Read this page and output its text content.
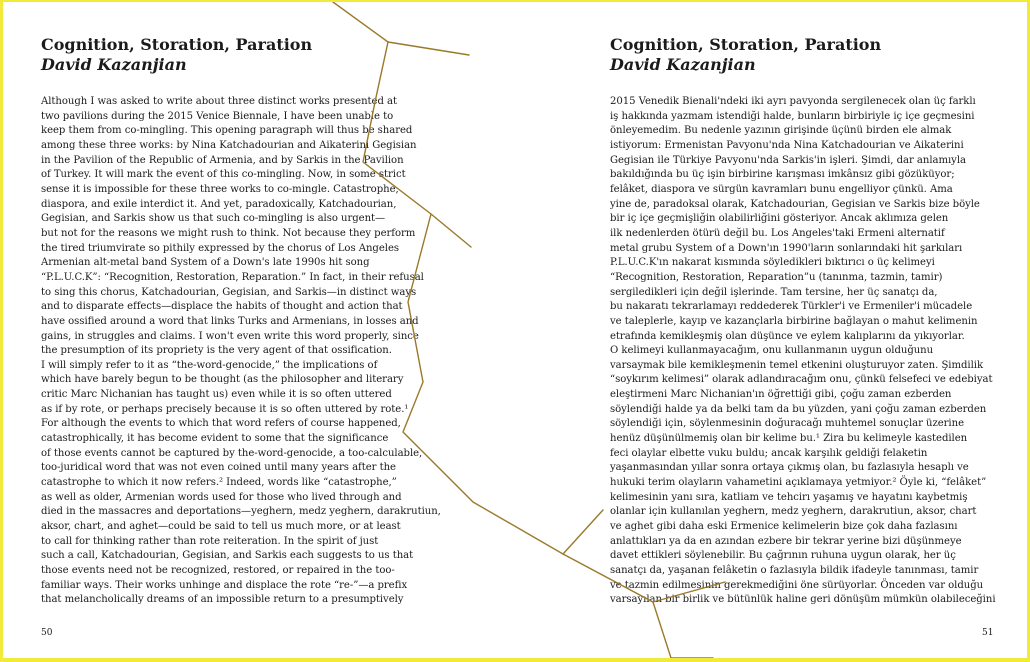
Cognition, Storation, Paration
David Kazanjian
Although I was asked to write about three distinct works presented at
two pavilions during the 2015 Venice Biennale, I have been unable to
keep them from co-mingling. This opening paragraph will thus be shared
among these three works: by Nina Katchadourian and Aikaterini Gegisian
in the Pavilion of the Republic of Armenia, and by Sarkis in the Pavilion
of Turkey. It will mark the event of this co-mingling. Now, in some strict
sense it is impossible for these three works to co-mingle. Catastrophe,
diaspora, and exile interdict it. And yet, paradoxically, Katchadourian,
Gegisian, and Sarkis show us that such co-mingling is also urgent—
but not for the reasons we might rush to think. Not because they perform
the tired triumvirate so pithily expressed by the chorus of Los Angeles
Armenian alt-metal band System of a Down's late 1990s hit song
“P.L.U.C.K”: “Recognition, Restoration, Reparation.” In fact, in their refusal
to sing this chorus, Katchadourian, Gegisian, and Sarkis—in distinct ways
and to disparate effects—displace the habits of thought and action that
have ossified around a word that links Turks and Armenians, in losses and
gains, in struggles and claims. I won't even write this word properly, since
the presumption of its propriety is the very agent of that ossification.
I will simply refer to it as “the-word-genocide,” the implications of
which have barely begun to be thought (as the philosopher and literary
critic Marc Nichanian has taught us) even while it is so often uttered
as if by rote, or perhaps precisely because it is so often uttered by rote.¹
For although the events to which that word refers of course happened,
catastrophically, it has become evident to some that the significance
of those events cannot be captured by the-word-genocide, a too-calculable,
too-juridical word that was not even coined until many years after the
catastrophe to which it now refers.² Indeed, words like “catastrophe,”
as well as older, Armenian words used for those who lived through and
died in the massacres and deportations—yeghern, medz yeghern, darakrutiun,
aksor, chart, and aghet—could be said to tell us much more, or at least
to call for thinking rather than rote reiteration. In the spirit of just
such a call, Katchadourian, Gegisian, and Sarkis each suggests to us that
those events need not be recognized, restored, or repaired in the too-
familiar ways. Their works unhinge and displace the rote “re-”—a prefix
that melancholically dreams of an impossible return to a presumptively
50
Cognition, Storation, Paration
David Kazanjian
2015 Venedik Bienali'ndeki iki ayrı pavyonda sergilenecek olan üç farklı
iş hakkında yazmam istendiği halde, bunların birbiriyle iç içe geçmesini
önleyemedim. Bu nedenle yazının girişinde üçünü birden ele almak
istiyorum: Ermenistan Pavyonu'nda Nina Katchadourian ve Aikaterini
Gegisian ile Türkiye Pavyonu'nda Sarkis'in işleri. Şimdi, dar anlamıyla
bakıldığında bu üç işin birbirine karışması imkânsız gibi gözüküyor;
felâket, diaspora ve sürgün kavramları bunu engelliyor çünkü. Ama
yine de, paradoksal olarak, Katchadourian, Gegisian ve Sarkis bize böyle
bir iç içe geçmişliğin olabilirliğini gösteriyor. Ancak aklımıza gelen
ilk nedenlerden ötürü değil bu. Los Angeles'taki Ermeni alternatif
metal grubu System of a Down'ın 1990'ların sonlarındaki hit şarkıları
P.L.U.C.K'ın nakarat kısmında söyledikleri bıktırıcı o üç kelimeyi
“Recognition, Restoration, Reparation”u (tanınma, tazmin, tamir)
sergiledikleri için değil işlerinde. Tam tersine, her üç sanatçı da,
bu nakaratı tekrarlamayı reddederek Türkler'i ve Ermeniler'i mücadele
ve taleplerle, kayıp ve kazançlarla birbirine bağlayan o mahut kelimenin
etrafında kemikleşmiş olan düşünce ve eylem kalıplarını da yıkıyorlar.
O kelimeyi kullanmayacağım, onu kullanmanın uygun olduğunu
varsaymak bile kemikleşmenin temel etkenini oluşturuyor zaten. Şimdilik
“soykırım kelimesi” olarak adlandıracağım onu, çünkü felsefeci ve edebiyat
eleştirmeni Marc Nichanian'ın öğrettiği gibi, çoğu zaman ezberden
söylendiği halde ya da belki tam da bu yüzden, yani çoğu zaman ezberden
söylendiği için, söylenmesinin doğuracağı muhtemel sonuçlar üzerine
henüz düşünülmemiş olan bir kelime bu.¹ Zira bu kelimeyle kastedilen
feci olaylar elbette vuku buldu; ancak karşılık geldiği felaketin
yaşanmasından yıllar sonra ortaya çıkmış olan, bu fazlasıyla hesaplı ve
hukuki terim olayların vahametini açıklamaya yetmiyor.² Öyle ki, “felâket”
kelimesinin yanı sıra, katliam ve tehcirı yaşamış ve hayatını kaybetmiş
olanlar için kullanılan yeghern, medz yeghern, darakrutiun, aksor, chart
ve aghet gibi daha eski Ermenice kelimelerin bize çok daha fazlasını
anlattıkları ya da en azından ezbere bir tekrar yerine bizi düşünmeye
davet ettikleri söylenebilir. Bu çağrının ruhuna uygun olarak, her üç
sanatçı da, yaşanan felâketin o fazlasıyla bildik ifadeyle tanınması, tamir
ve tazmin edilmesinin gerekmediğini öne sürüyorlar. Önceden var olduğu
varsayılan bir birlik ve bütünlük haline geri dönüşüm mümkün olabileceğini
51
